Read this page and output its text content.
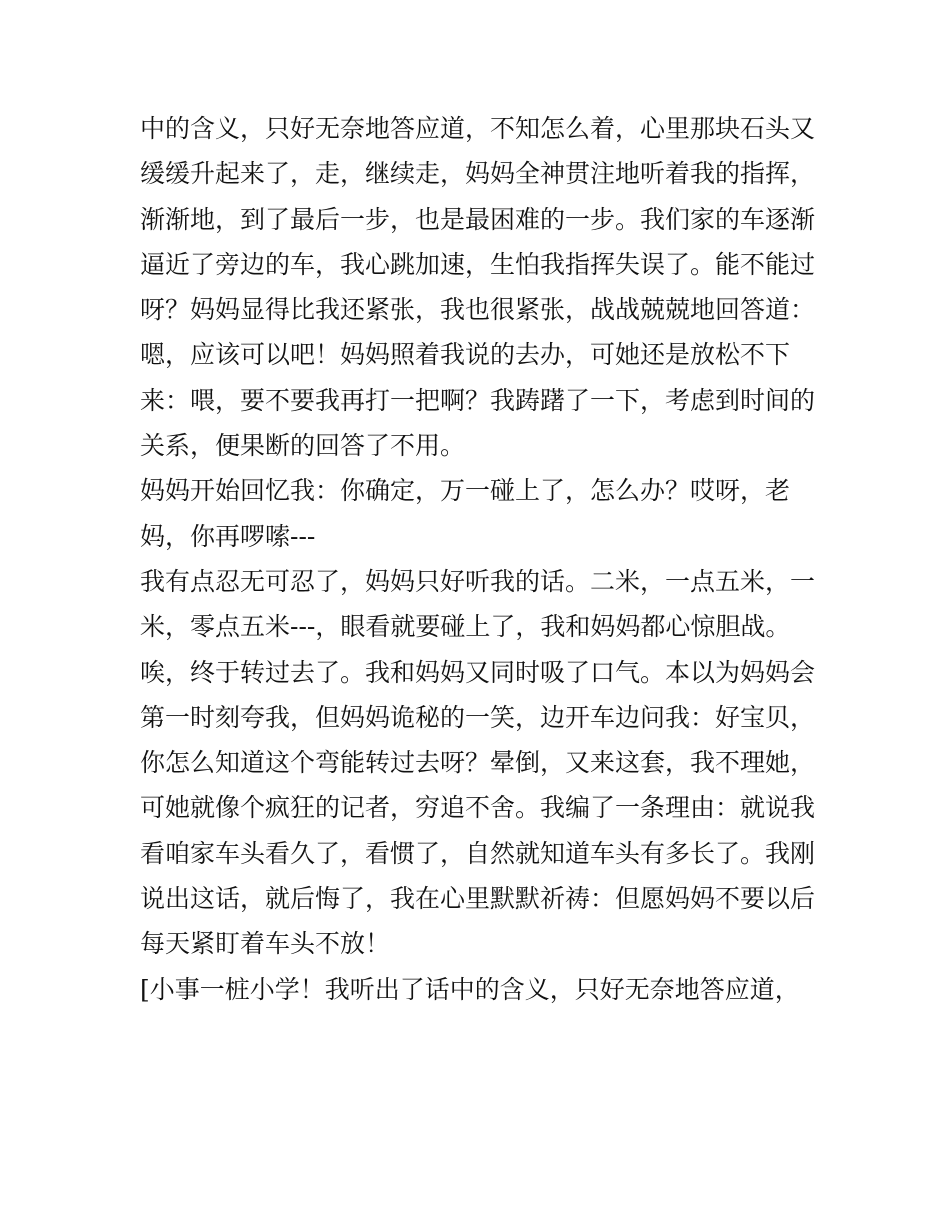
中的含义，只好无奈地答应道，不知怎么着，心里那块石头又
缓缓升起来了，走，继续走，妈妈全神贯注地听着我的指挥，
渐渐地，到了最后一步，也是最困难的一步。我们家的车逐渐
逼近了旁边的车，我心跳加速，生怕我指挥失误了。能不能过
呀？妈妈显得比我还紧张，我也很紧张，战战兢兢地回答道：
嗯，应该可以吧！妈妈照着我说的去办，可她还是放松不下
来：喂，要不要我再打一把啊？我踌躇了一下，考虑到时间的
关系，便果断的回答了不用。
妈妈开始回忆我：你确定，万一碰上了，怎么办？哎呀，老
妈，你再啰嗦---
我有点忍无可忍了，妈妈只好听我的话。二米，一点五米，一
米，零点五米---，眼看就要碰上了，我和妈妈都心惊胆战。
唉，终于转过去了。我和妈妈又同时吸了口气。本以为妈妈会
第一时刻夸我，但妈妈诡秘的一笑，边开车边问我：好宝贝，
你怎么知道这个弯能转过去呀？晕倒，又来这套，我不理她，
可她就像个疯狂的记者，穷追不舍。我编了一条理由：就说我
看咱家车头看久了，看惯了，自然就知道车头有多长了。我刚
说出这话，就后悔了，我在心里默默祈祷：但愿妈妈不要以后
每天紧盯着车头不放！
[小事一桩小学！我听出了话中的含义，只好无奈地答应道，
